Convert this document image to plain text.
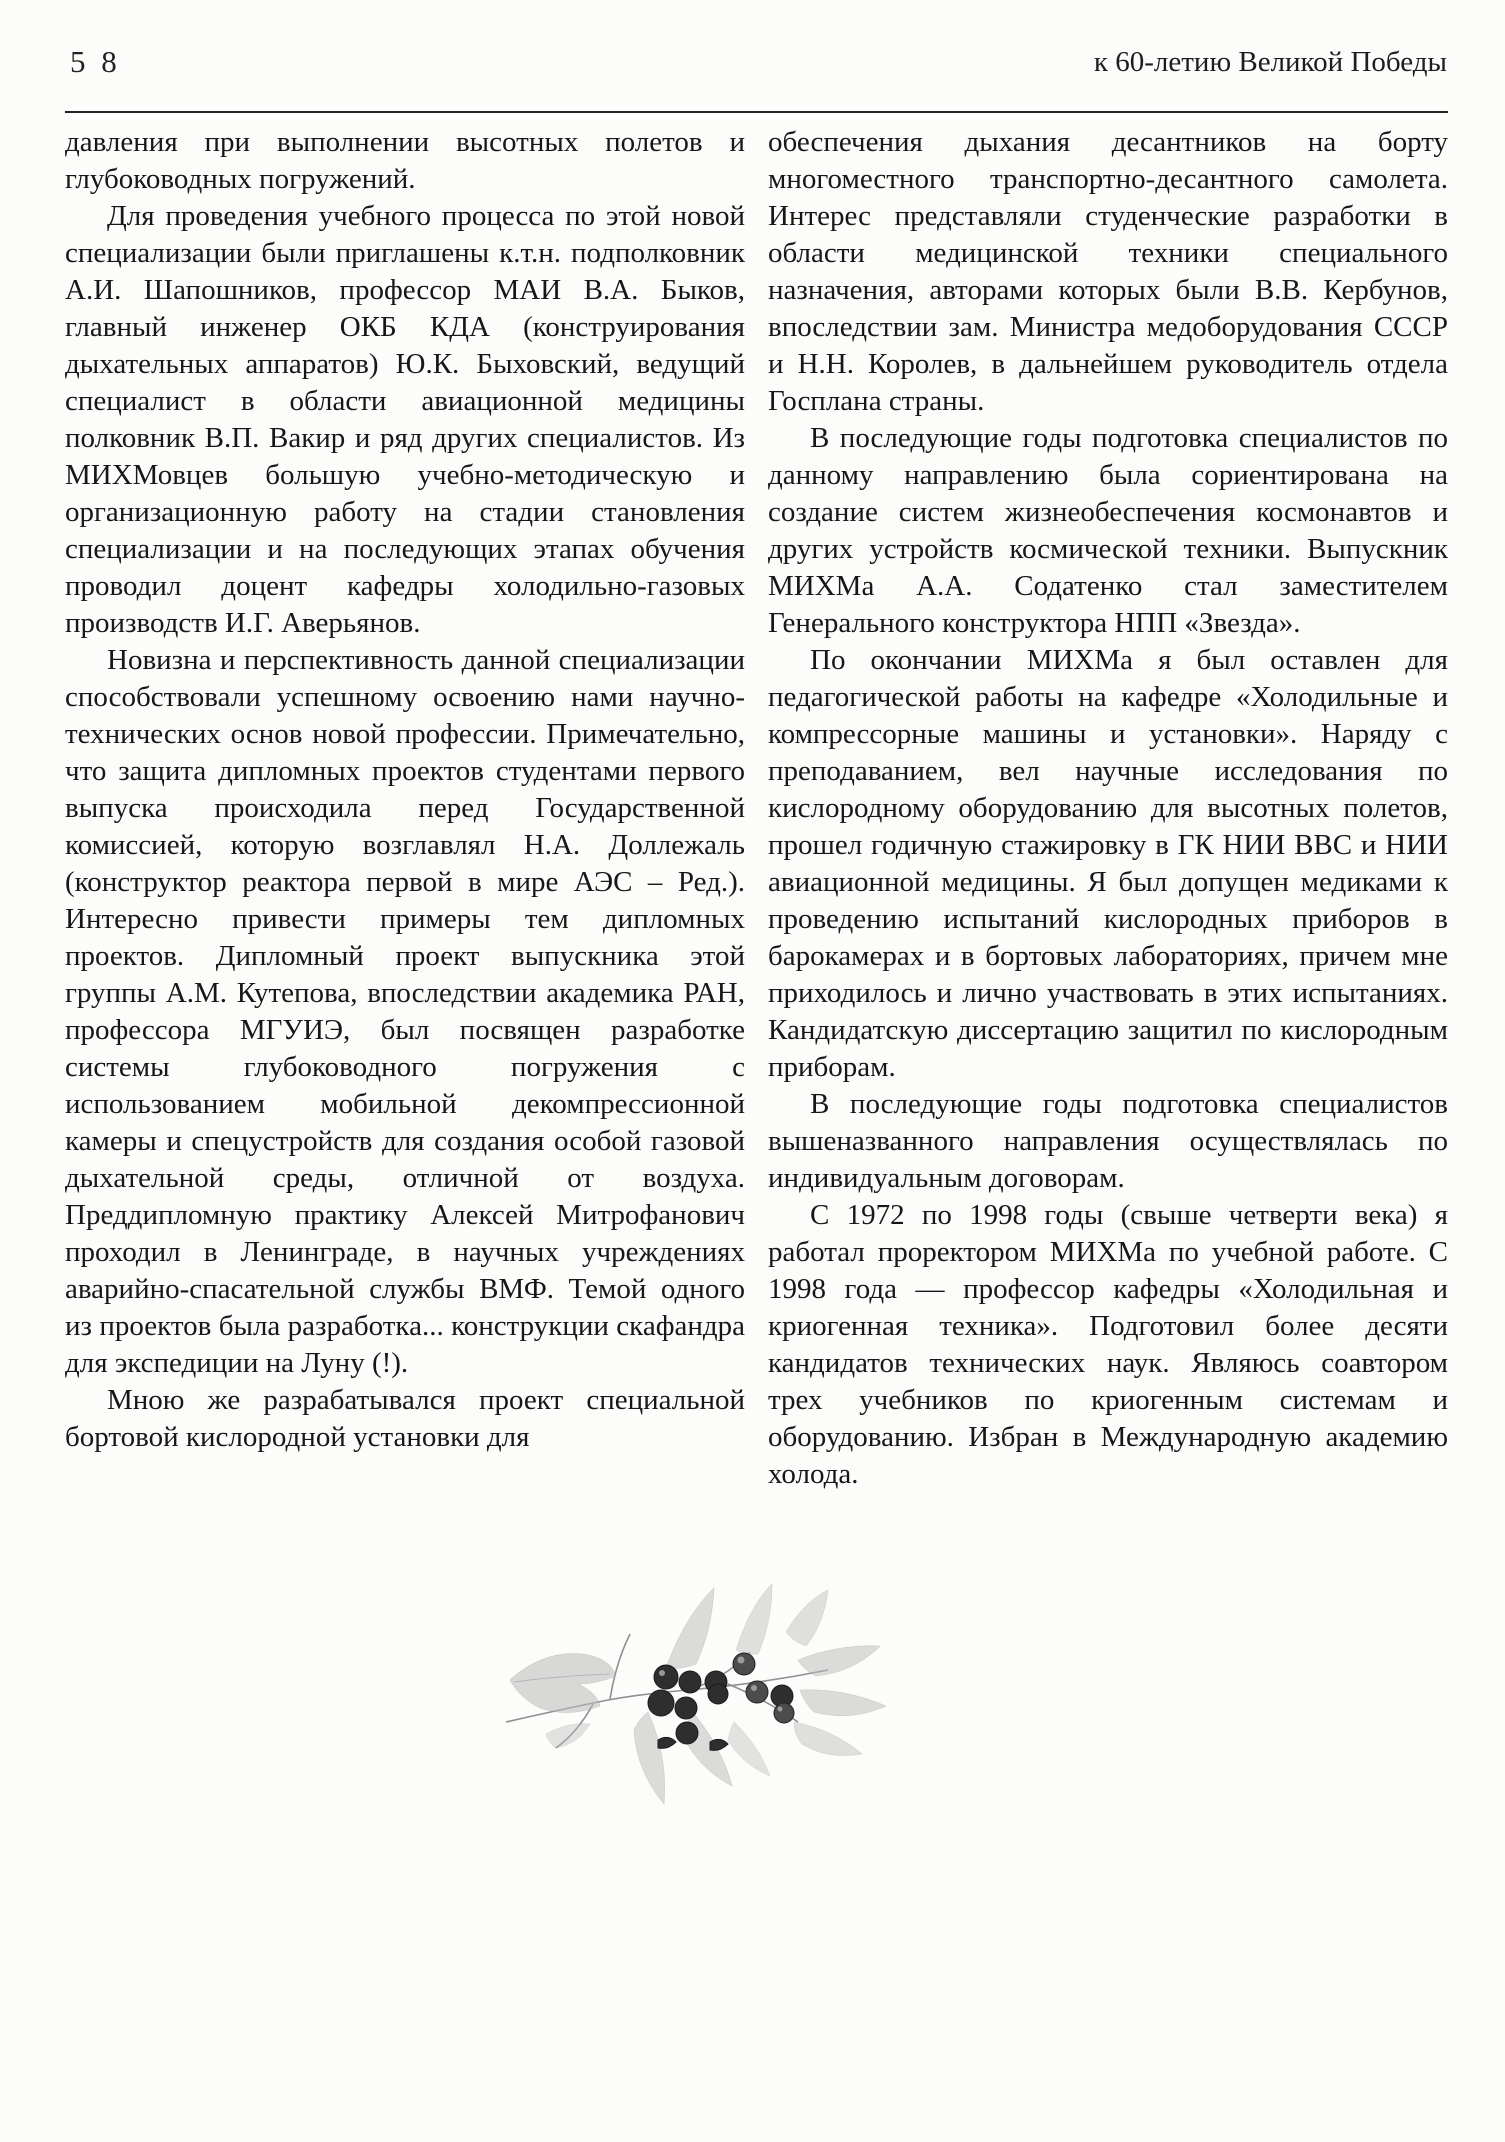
5 8	к 60-летию Великой Победы

давления при выполнении высотных полетов и глубоководных погружений.

Для проведения учебного процесса по этой новой специализации были приглашены к.т.н. подполковник А.И. Шапошников, профессор МАИ В.А. Быков, главный инженер ОКБ КДА (конструирования дыхательных аппаратов) Ю.К. Быховский, ведущий специалист в области авиационной медицины полковник В.П. Вакир и ряд других специалистов. Из МИХМовцев большую учебно-методическую и организационную работу на стадии становления специализации и на последующих этапах обучения проводил доцент кафедры холодильно-газовых производств И.Г. Аверьянов.

Новизна и перспективность данной специализации способствовали успешному освоению нами научно-технических основ новой профессии. Примечательно, что защита дипломных проектов студентами первого выпуска происходила перед Государственной комиссией, которую возглавлял Н.А. Доллежаль (конструктор реактора первой в мире АЭС – Ред.). Интересно привести примеры тем дипломных проектов. Дипломный проект выпускника этой группы А.М. Кутепова, впоследствии академика РАН, профессора МГУИЭ, был посвящен разработке системы глубоководного погружения с использованием мобильной декомпрессионной камеры и спецустройств для создания особой газовой дыхательной среды, отличной от воздуха. Преддипломную практику Алексей Митрофанович проходил в Ленинграде, в научных учреждениях аварийно-спасательной службы ВМФ. Темой одного из проектов была разработка... конструкции скафандра для экспедиции на Луну (!).

Мною же разрабатывался проект специальной бортовой кислородной установки для

обеспечения дыхания десантников на борту многоместного транспортно-десантного самолета. Интерес представляли студенческие разработки в области медицинской техники специального назначения, авторами которых были В.В. Кербунов, впоследствии зам. Министра медоборудования СССР и Н.Н. Королев, в дальнейшем руководитель отдела Госплана страны.

В последующие годы подготовка специалистов по данному направлению была сориентирована на создание систем жизнеобеспечения космонавтов и других устройств космической техники. Выпускник МИХМа А.А. Содатенко стал заместителем Генерального конструктора НПП «Звезда».

По окончании МИХМа я был оставлен для педагогической работы на кафедре «Холодильные и компрессорные машины и установки». Наряду с преподаванием, вел научные исследования по кислородному оборудованию для высотных полетов, прошел годичную стажировку в ГК НИИ ВВС и НИИ авиационной медицины. Я был допущен медиками к проведению испытаний кислородных приборов в барокамерах и в бортовых лабораториях, причем мне приходилось и лично участвовать в этих испытаниях. Кандидатскую диссертацию защитил по кислородным приборам.

В последующие годы подготовка специалистов вышеназванного направления осуществлялась по индивидуальным договорам.

С 1972 по 1998 годы (свыше четверти века) я работал проректором МИХМа по учебной работе. С 1998 года — профессор кафедры «Холодильная и криогенная техника». Подготовил более десяти кандидатов технических наук. Являюсь соавтором трех учебников по криогенным системам и оборудованию. Избран в Международную академию холода.
